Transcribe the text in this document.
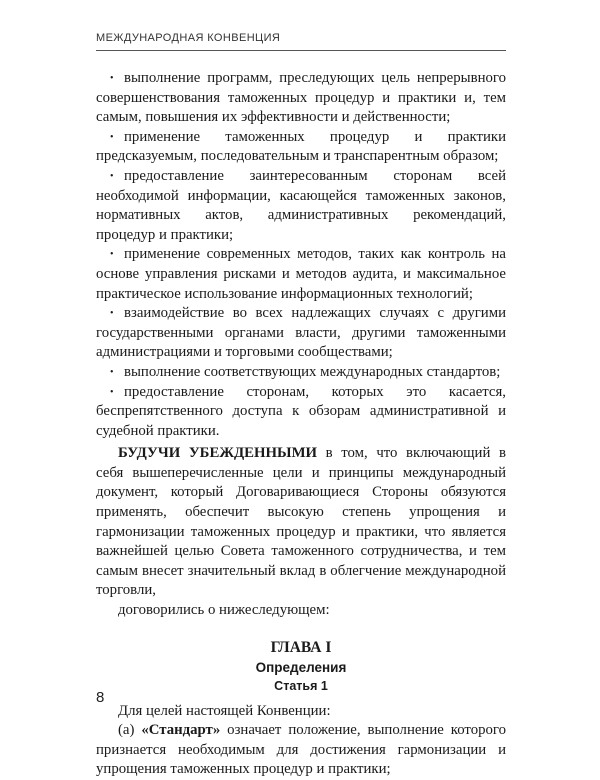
МЕЖДУНАРОДНАЯ КОНВЕНЦИЯ

• выполнение программ, преследующих цель непрерывного совершенствования таможенных процедур и практики и, тем самым, повышения их эффективности и действенности;

• применение таможенных процедур и практики предсказуемым, последовательным и транспарентным образом;

• предоставление заинтересованным сторонам всей необходимой информации, касающейся таможенных законов, нормативных актов, административных рекомендаций, процедур и практики;

• применение современных методов, таких как контроль на основе управления рисками и методов аудита, и максимальное практическое использование информационных технологий;

• взаимодействие во всех надлежащих случаях с другими государственными органами власти, другими таможенными администрациями и торговыми сообществами;

• выполнение соответствующих международных стандартов;

• предоставление сторонам, которых это касается, беспрепятственного доступа к обзорам административной и судебной практики.

БУДУЧИ УБЕЖДЕННЫМИ в том, что включающий в себя вышеперечисленные цели и принципы международный документ, который Договаривающиеся Стороны обязуются применять, обеспечит высокую степень упрощения и гармонизации таможенных процедур и практики, что является важнейшей целью Совета таможенного сотрудничества, и тем самым внесет значительный вклад в облегчение международной торговли,

договорились о нижеследующем:

ГЛАВА I

Определения

Статья 1

Для целей настоящей Конвенции:

(а) «Стандарт» означает положение, выполнение которого признается необходимым для достижения гармонизации и упрощения таможенных процедур и практики;

8
